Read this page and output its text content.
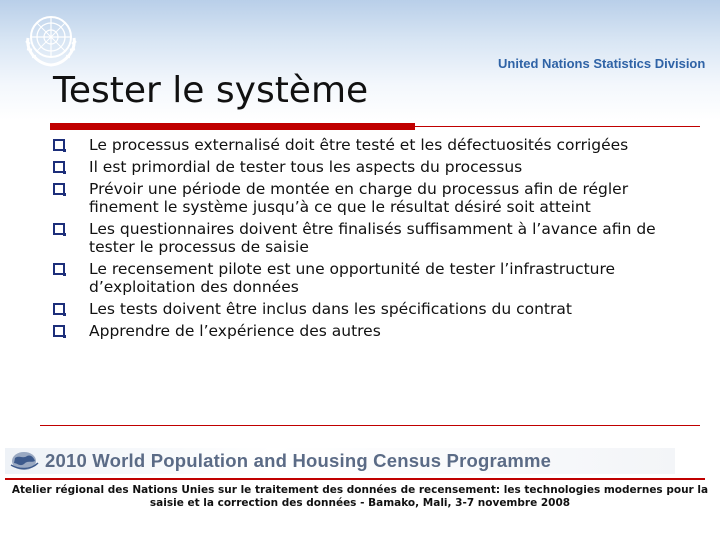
United Nations Statistics Division
Tester le système
Le processus externalisé doit être testé et les défectuosités corrigées
Il est primordial de tester tous les aspects du processus
Prévoir une période de montée en charge du processus afin de régler finement le système jusqu’à ce que le résultat désiré soit atteint
Les questionnaires doivent être finalisés suffisamment à l’avance afin de tester le processus de saisie
Le recensement pilote est une opportunité de tester l’infrastructure d’exploitation des données
Les tests doivent être inclus dans les spécifications du contrat
Apprendre de l’expérience des autres
2010 World Population and Housing Census Programme

Atelier régional des Nations Unies sur le traitement des données de recensement: les technologies modernes pour la saisie et la correction des données - Bamako, Mali, 3-7 novembre 2008
